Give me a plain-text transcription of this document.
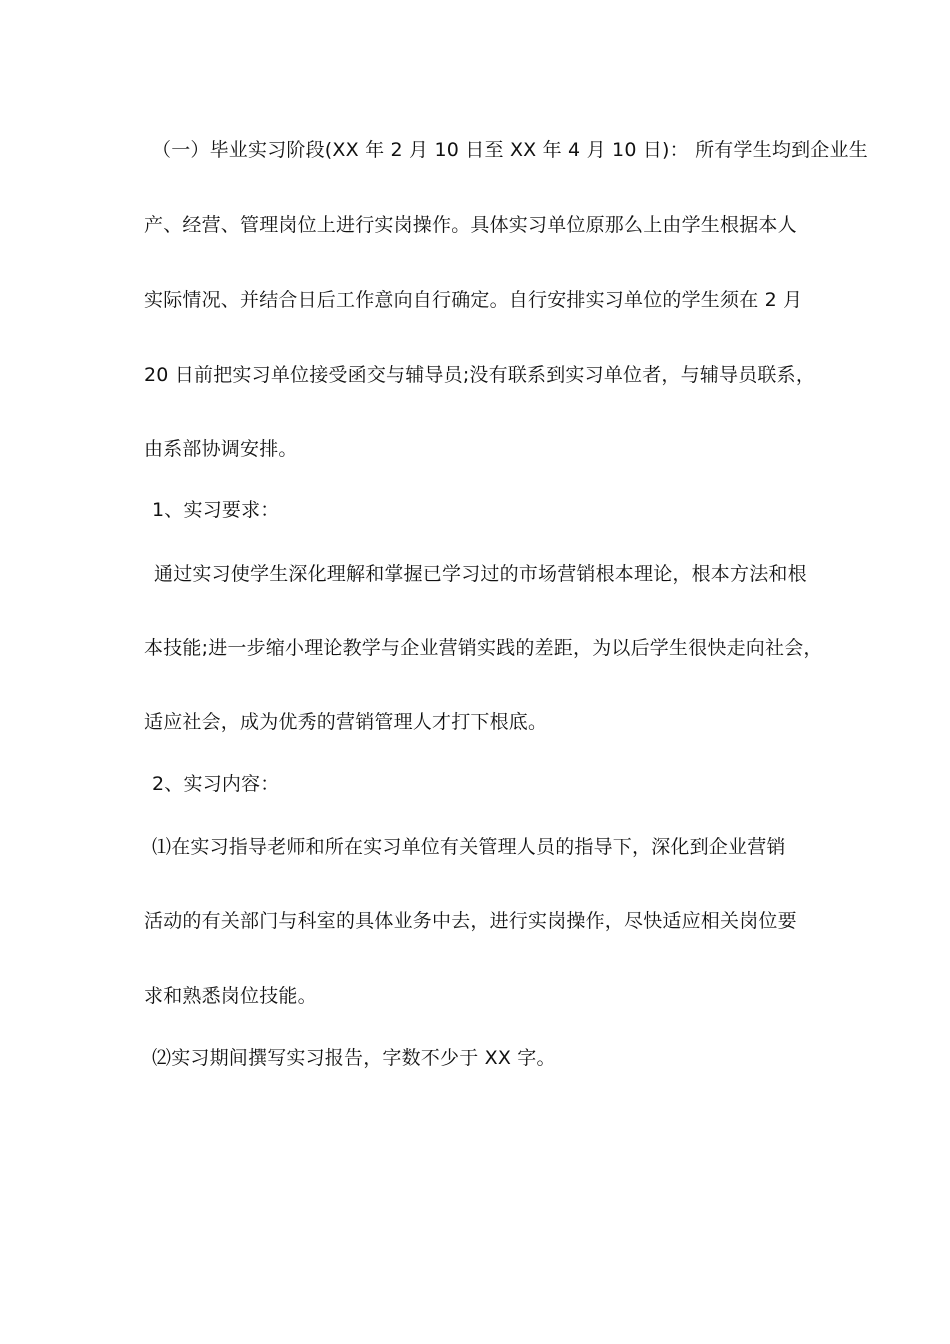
（一）毕业实习阶段(XX 年 2 月 10 日至 XX 年 4 月 10 日)： 所有学生均到企业生
产、经营、管理岗位上进行实岗操作。具体实习单位原那么上由学生根据本人
实际情况、并结合日后工作意向自行确定。自行安排实习单位的学生须在 2 月
20 日前把实习单位接受函交与辅导员;没有联系到实习单位者，与辅导员联系，
由系部协调安排。
1、实习要求：
通过实习使学生深化理解和掌握已学习过的市场营销根本理论，根本方法和根
本技能;进一步缩小理论教学与企业营销实践的差距，为以后学生很快走向社会，
适应社会，成为优秀的营销管理人才打下根底。
2、实习内容：
⑴在实习指导老师和所在实习单位有关管理人员的指导下，深化到企业营销
活动的有关部门与科室的具体业务中去，进行实岗操作，尽快适应相关岗位要
求和熟悉岗位技能。
⑵实习期间撰写实习报告，字数不少于 XX 字。
